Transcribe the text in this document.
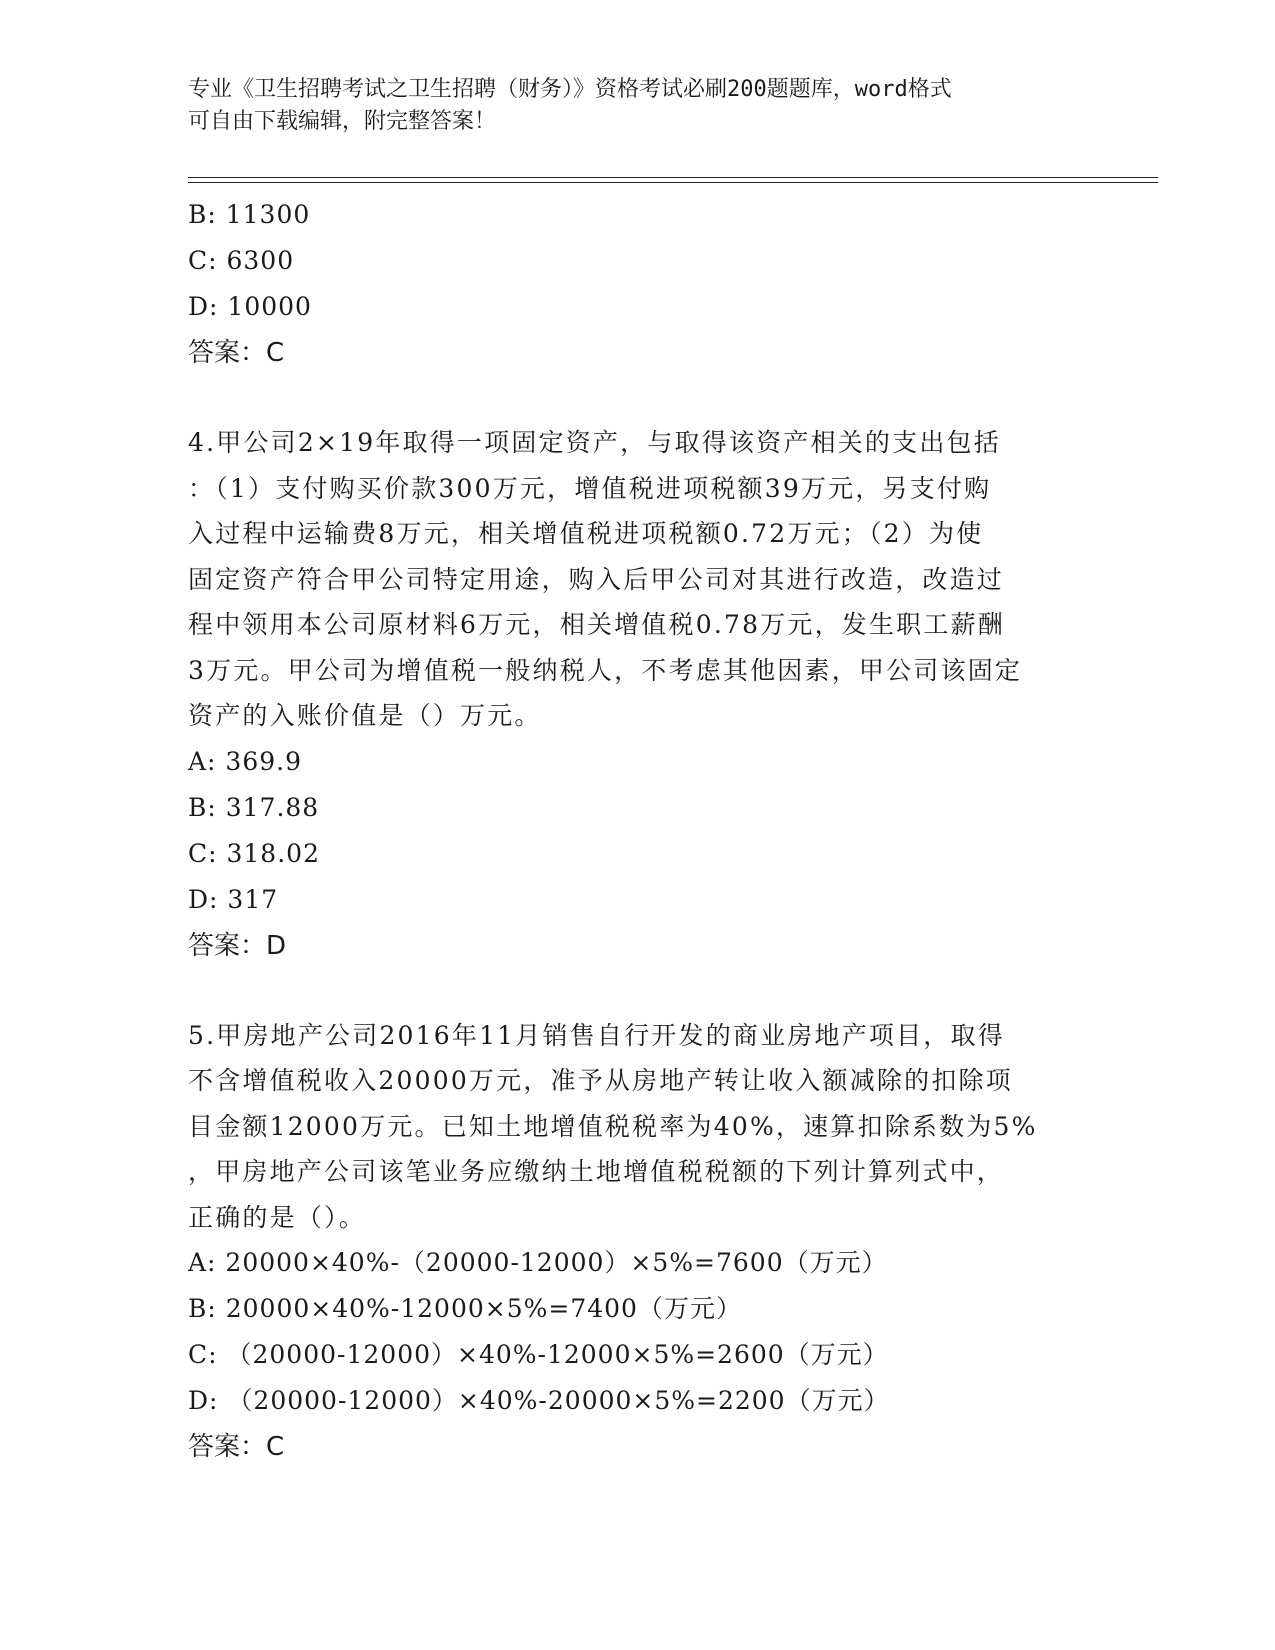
专业《卫生招聘考试之卫生招聘（财务）》资格考试必刷200题题库，word格式

可自由下载编辑，附完整答案！

B: 11300
C: 6300
D: 10000
答案：C
4.甲公司2×19年取得一项固定资产，与取得该资产相关的支出包括
：（1）支付购买价款300万元，增值税进项税额39万元，另支付购
入过程中运输费8万元，相关增值税进项税额0.72万元；（2）为使
固定资产符合甲公司特定用途，购入后甲公司对其进行改造，改造过
程中领用本公司原材料6万元，相关增值税0.78万元，发生职工薪酬
3万元。甲公司为增值税一般纳税人，不考虑其他因素，甲公司该固定
资产的入账价值是（）万元。
A: 369.9
B: 317.88
C: 318.02
D: 317
答案：D
5.甲房地产公司2016年11月销售自行开发的商业房地产项目，取得
不含增值税收入20000万元，准予从房地产转让收入额减除的扣除项
目金额12000万元。已知土地增值税税率为40%，速算扣除系数为5%
，甲房地产公司该笔业务应缴纳土地增值税税额的下列计算列式中，
正确的是（）。
A: 20000×40%-（20000-12000）×5%=7600（万元）
B: 20000×40%-12000×5%=7400（万元）
C: （20000-12000）×40%-12000×5%=2600（万元）
D: （20000-12000）×40%-20000×5%=2200（万元）
答案：C
